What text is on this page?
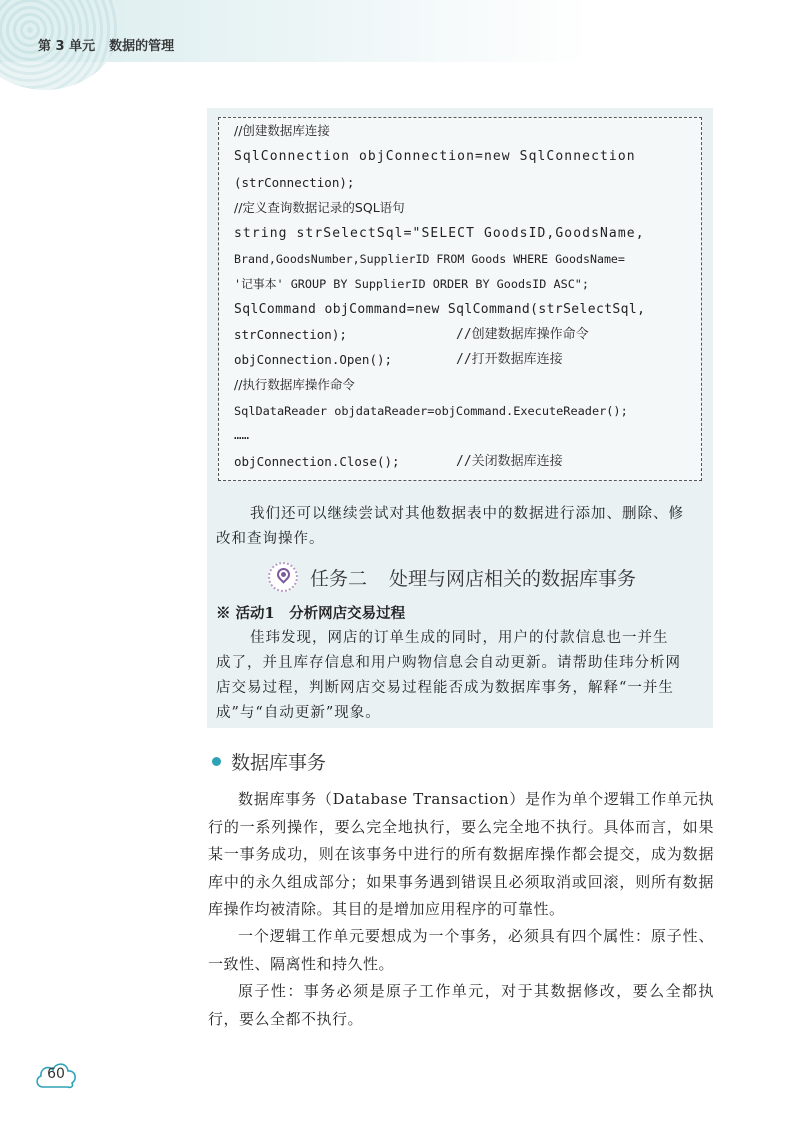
第 3 单元 数据的管理
//创建数据库连接
SqlConnection objConnection=new SqlConnection
(strConnection);
//定义查询数据记录的SQL语句
string strSelectSql="SELECT GoodsID,GoodsName,
Brand,GoodsNumber,SupplierID FROM Goods WHERE GoodsName=
'记事本' GROUP BY SupplierID ORDER BY GoodsID ASC";
SqlCommand objCommand=new SqlCommand(strSelectSql,
strConnection);	//创建数据库操作命令
objConnection.Open();	//打开数据库连接
//执行数据库操作命令
SqlDataReader objdataReader=objCommand.ExecuteReader();
……
objConnection.Close();	//关闭数据库连接
我们还可以继续尝试对其他数据表中的数据进行添加、删除、修
改和查询操作。
任务二 处理与网店相关的数据库事务
※ 活动1　分析网店交易过程
佳玮发现，网店的订单生成的同时，用户的付款信息也一并生
成了，并且库存信息和用户购物信息会自动更新。请帮助佳玮分析网
店交易过程，判断网店交易过程能否成为数据库事务，解释“一并生
成”与“自动更新”现象。
数据库事务
数据库事务（Database Transaction）是作为单个逻辑工作单元执行的一系列操作，要么完全地执行，要么完全地不执行。具体而言，如果某一事务成功，则在该事务中进行的所有数据库操作都会提交，成为数据库中的永久组成部分；如果事务遇到错误且必须取消或回滚，则所有数据库操作均被清除。其目的是增加应用程序的可靠性。
一个逻辑工作单元要想成为一个事务，必须具有四个属性：原子性、一致性、隔离性和持久性。
原子性：事务必须是原子工作单元，对于其数据修改，要么全都执行，要么全都不执行。
60
